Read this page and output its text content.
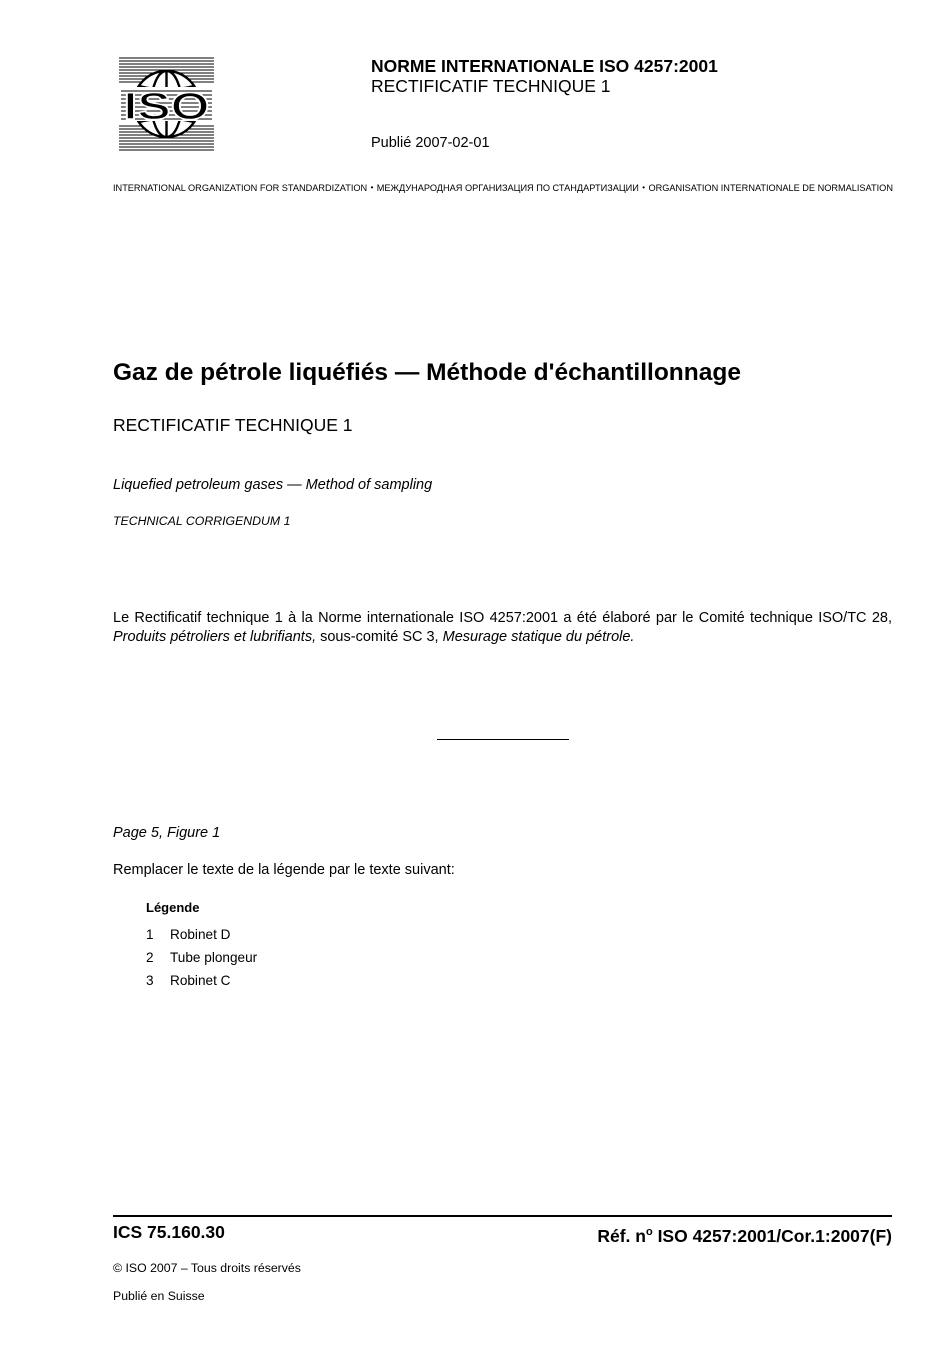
ISO
NORME INTERNATIONALE ISO 4257:2001
RECTIFICATIF TECHNIQUE 1
Publié 2007-02-01
INTERNATIONAL ORGANIZATION FOR STANDARDIZATION • МЕЖДУНАРОДНАЯ ОРГАНИЗАЦИЯ ПО СТАНДАРТИЗАЦИИ • ORGANISATION INTERNATIONALE DE NORMALISATION
Gaz de pétrole liquéfiés — Méthode d'échantillonnage
RECTIFICATIF TECHNIQUE 1
Liquefied petroleum gases — Method of sampling
TECHNICAL CORRIGENDUM 1
Le Rectificatif technique 1 à la Norme internationale ISO 4257:2001 a été élaboré par le Comité technique ISO/TC 28, Produits pétroliers et lubrifiants, sous-comité SC 3, Mesurage statique du pétrole.
Page 5, Figure 1
Remplacer le texte de la légende par le texte suivant:
Légende
1 Robinet D
2 Tube plongeur
3 Robinet C
ICS 75.160.30	Réf. $n^o$ ISO 4257:2001/Cor.1:2007(F)
© ISO 2007 – Tous droits réservés
Publié en Suisse
